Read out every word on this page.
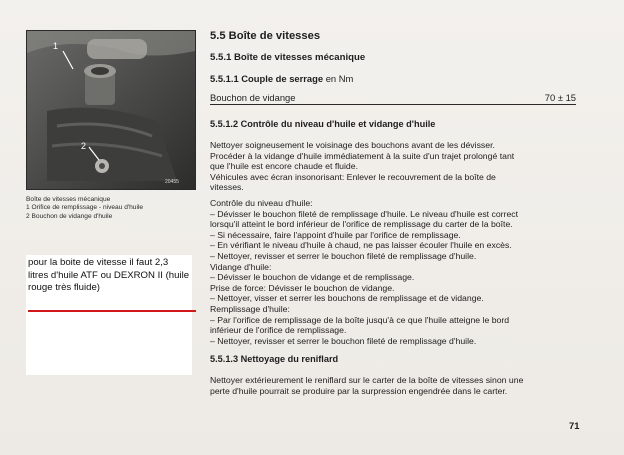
1
2
20455
Boîte de vitesses mécanique
1 Orifice de remplissage - niveau d'huile
2 Bouchon de vidange d'huile
pour la boite de vitesse il faut 2,3 litres d'huile ATF ou DEXRON II (huile rouge très fluide)
5.5 Boîte de vitesses
5.5.1 Boîte de vitesses mécanique
5.5.1.1 Couple de serrage en Nm
Bouchon de vidange	70 ± 15
5.5.1.2 Contrôle du niveau d'huile et vidange d'huile
Nettoyer soigneusement le voisinage des bouchons avant de les dévisser.
Procéder à la vidange d'huile immédiatement à la suite d'un trajet prolongé tant
que l'huile est encore chaude et fluide.
Véhicules avec écran insonorisant: Enlever le recouvrement de la boîte de
vitesses.
Contrôle du niveau d'huile:
– Dévisser le bouchon fileté de remplissage d'huile. Le niveau d'huile est correct
lorsqu'il atteint le bord inférieur de l'orifice de remplissage du carter de la boîte.
– Si nécessaire, faire l'appoint d'huile par l'orifice de remplissage.
– En vérifiant le niveau d'huile à chaud, ne pas laisser écouler l'huile en excès.
– Nettoyer, revisser et serrer le bouchon fileté de remplissage d'huile.
Vidange d'huile:
– Dévisser le bouchon de vidange et de remplissage.
Prise de force: Dévisser le bouchon de vidange.
– Nettoyer, visser et serrer les bouchons de remplissage et de vidange.
Remplissage d'huile:
– Par l'orifice de remplissage de la boîte jusqu'à ce que l'huile atteigne le bord
inférieur de l'orifice de remplissage.
– Nettoyer, revisser et serrer le bouchon fileté de remplissage d'huile.
5.5.1.3 Nettoyage du reniflard
Nettoyer extérieurement le reniflard sur le carter de la boîte de vitesses sinon une
perte d'huile pourrait se produire par la surpression engendrée dans le carter.
71
